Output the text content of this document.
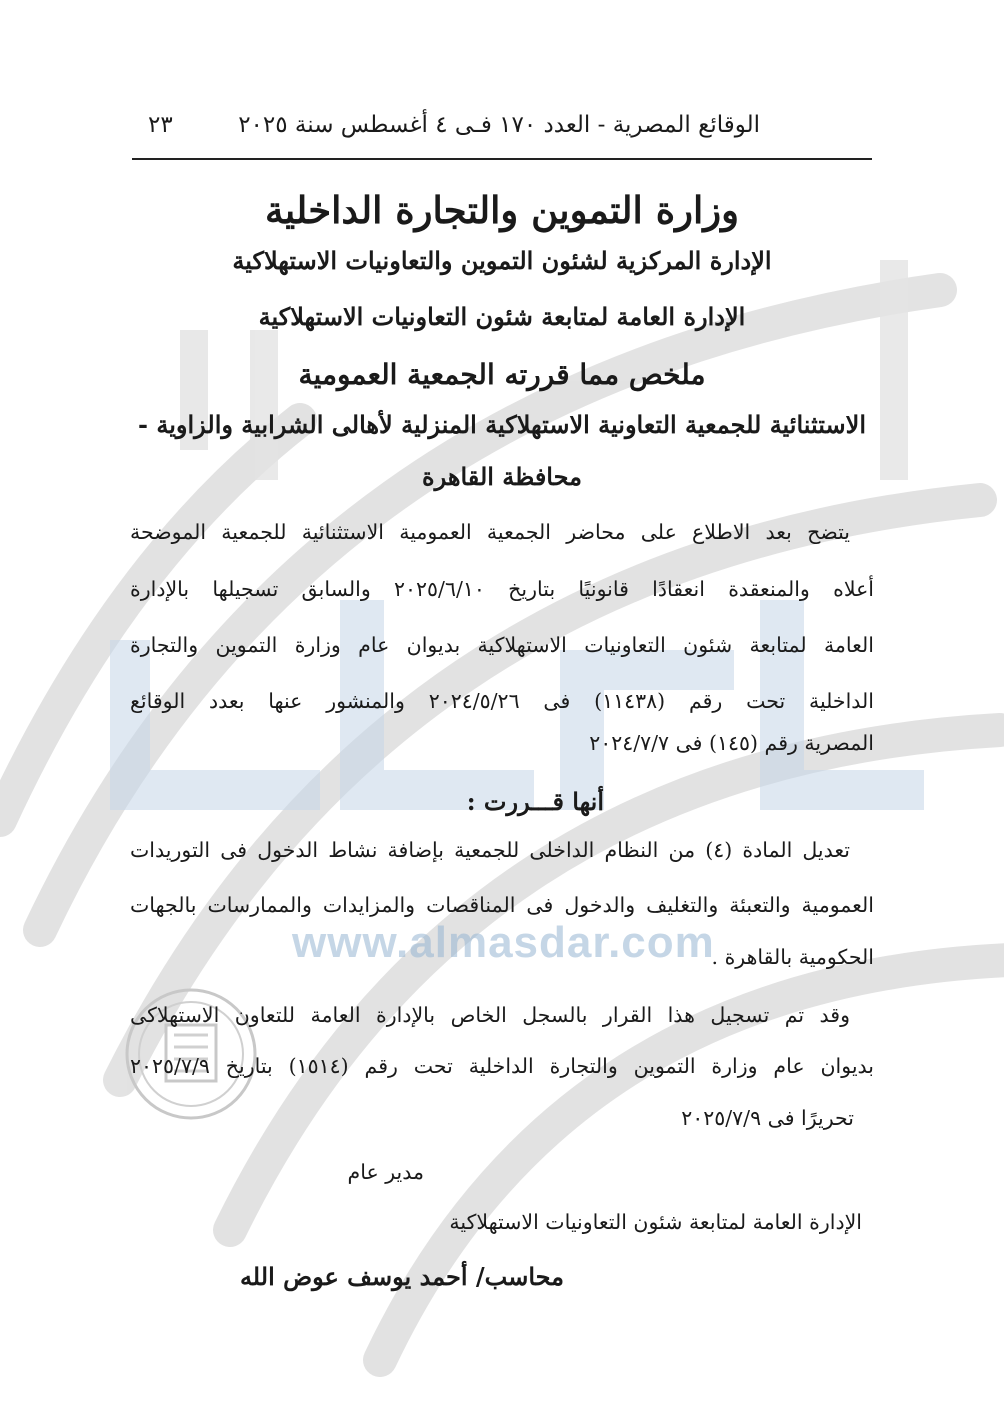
www.almasdar.com
الوقائع المصرية - العدد ١٧٠ فـى ٤ أغسطس سنة ٢٠٢٥
٢٣
وزارة التموين والتجارة الداخلية
الإدارة المركزية لشئون التموين والتعاونيات الاستهلاكية
الإدارة العامة لمتابعة شئون التعاونيات الاستهلاكية
ملخص مما قررته الجمعية العمومية
الاستثنائية للجمعية التعاونية الاستهلاكية المنزلية لأهالى الشرابية والزاوية -
محافظة القاهرة
يتضح بعد الاطلاع على محاضر الجمعية العمومية الاستثنائية للجمعية الموضحة
أعلاه والمنعقدة انعقادًا قانونيًا بتاريخ ٢٠٢٥/٦/١٠ والسابق تسجيلها بالإدارة
العامة لمتابعة شئون التعاونيات الاستهلاكية بديوان عام وزارة التموين والتجارة
الداخلية تحت رقم (١١٤٣٨) فى ٢٠٢٤/٥/٢٦ والمنشور عنها بعدد الوقائع
المصرية رقم (١٤٥) فى ٢٠٢٤/٧/٧
أنها قـــررت :
تعديل المادة (٤) من النظام الداخلى للجمعية بإضافة نشاط الدخول فى التوريدات
العمومية والتعبئة والتغليف والدخول فى المناقصات والمزايدات والممارسات بالجهات
الحكومية بالقاهرة .
وقد تم تسجيل هذا القرار بالسجل الخاص بالإدارة العامة للتعاون الاستهلاكى
بديوان عام وزارة التموين والتجارة الداخلية تحت رقم (١٥١٤) بتاريخ ٢٠٢٥/٧/٩
تحريرًا فى ٢٠٢٥/٧/٩
مدير عام
الإدارة العامة لمتابعة شئون التعاونيات الاستهلاكية
محاسب/ أحمد يوسف عوض الله
